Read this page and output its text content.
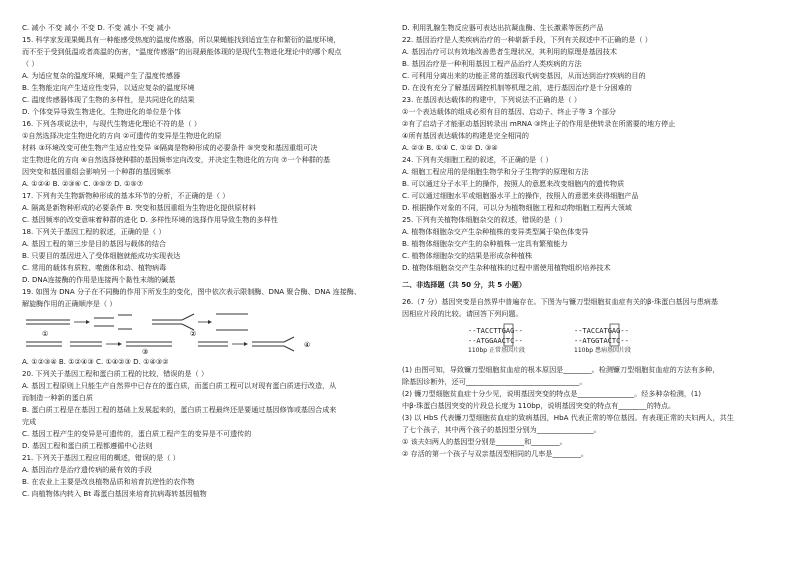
C. 减小 不变 减小 不变 D. 不变 减小 不变 减小
15. 科学家发现果蝇具有一种能感受热度的温度传感器，所以果蝇能找到适宜生存和繁衍的温度环境，
而不至于受到低温或者高温的伤害，“温度传感器”的出现最能体现的是现代生物进化理论中的哪个观点
（ ）
A. 为适应复杂的温度环境，果蝇产生了温度传感器
B. 生物能定向产生适应性变异，以适应复杂的温度环境
C. 温度传感器体现了生物的多样性，是共同进化的结果
D. 个体变异导致生物进化，生物进化的单位是个体
16. 下列各项说法中，与现代生物进化理论不符的是（ ）
①自然选择决定生物进化的方向 ②可遗传的变异是生物进化的原
材料 ③环境改变可使生物产生适应性变异 ④隔离是物种形成的必要条件 ⑤突变和基因重组可决
定生物进化的方向 ⑥自然选择使种群的基因频率定向改变，并决定生物进化的方向 ⑦一个种群的基
因突变和基因重组会影响另一个种群的基因频率
A. ①②④ B. ②③⑥ C. ③⑤⑦ D. ①⑤⑦
17. 下列有关生物新物种形成的基本环节的分析，不正确的是（ ）
A. 隔离是新物种形成的必要条件 B. 突变和基因重组为生物进化提供原材料
C. 基因频率的改变意味着种群的进化 D. 多样性环境的选择作用导致生物的多样性
18. 下列关于基因工程的叙述，正确的是（ ）
A. 基因工程的第三步是目的基因与载体的结合
B. 只要目的基因进入了受体细胞就能成功实现表达
C. 常用的载体有质粒、噬菌体和动、植物病毒
D. DNA连接酶的作用是连接两个黏性末端的碱基
19. 如图为 DNA 分子在不同酶的作用下所发生的变化，图中依次表示限制酶、DNA 聚合酶、DNA 连接酶、
解旋酶作用的正确顺序是（ ）
①	②
③
④
A. ①②③④ B. ①②④③ C. ①④②③ D. ①④③②
20. 下列关于基因工程和蛋白质工程的比较，错误的是（ ）
A. 基因工程原则上只能生产自然界中已存在的蛋白质，而蛋白质工程可以对现有蛋白质进行改造，从
而制造一种新的蛋白质
B. 蛋白质工程是在基因工程的基础上发展起来的，蛋白质工程最终还是要通过基因修饰或基因合成来
完成
C. 基因工程产生的变异是可遗传的，蛋白质工程产生的变异是不可遗传的
D. 基因工程和蛋白质工程都遵循中心法则
21. 下列关于基因工程应用的概述，错误的是（ ）
A. 基因治疗是治疗遗传病的最有效的手段
B. 在农业上主要是改良植物品质和培育抗逆性的农作物
C. 向植物体内转入 Bt 毒蛋白基因来培育抗病毒转基因植物
D. 利用乳腺生物反应器可表达出抗凝血酶、生长激素等医药产品
22. 基因治疗是人类疾病治疗的一种崭新手段，下列有关叙述中不正确的是（ ）
A. 基因治疗可以有效地改善患者生理状况，其利用的原理是基因技术
B. 基因治疗是一种利用基因工程产品治疗人类疾病的方法
C. 可利用分离出来的功能正常的基因取代病变基因，从而达到治疗疾病的目的
D. 在没有充分了解基因调控机制等机理之前，进行基因治疗是十分困难的
23. 在基因表达载体的构建中，下列说法不正确的是（ ）
①一个表达载体的组成必须有目的基因、启动子、终止子等 3 个部分
②有了启动子才能驱动基因转录出 mRNA ③终止子的作用是使转录在所需要的地方停止
④所有基因表达载体的构建是完全相同的
A. ②③ B. ①④ C. ①② D. ③④
24. 下列有关细胞工程的叙述，不正确的是（ ）
A. 细胞工程应用的是细胞生物学和分子生物学的原理和方法
B. 可以通过分子水平上的操作，按照人的意愿来改变细胞内的遗传物质
C. 可以通过细胞水平或细胞器水平上的操作，按照人的意愿来获得细胞产品
D. 根据操作对象的不同，可以分为植物细胞工程和动物细胞工程两大领域
25. 下列有关植物体细胞杂交的叙述，错误的是（ ）
A. 植物体细胞杂交产生杂种植株的变异类型属于染色体变异
B. 植物体细胞杂交产生的杂种植株一定具有繁殖能力
C. 植物体细胞杂交的结果是形成杂种植株
D. 植物体细胞杂交产生杂种植株的过程中需使用植物组织培养技术
二、非选择题（共 50 分，共 5 小题）
26.（7 分）基因突变是自然界中普遍存在。下图为与镰刀型细胞贫血症有关的β-珠蛋白基因与患病基
因相应片段的比较。请回答下列问题。
--TACCTTGAG--
--ATGGAACTC--
110bp 正常基因片段
--TACCATGAG--
--ATGGTACTC--
110bp 患病基因片段
(1) 由图可知，导致镰刀型细胞贫血症的根本原因是________。检测镰刀型细胞贫血症的方法有多种，
除基因诊断外，还可________________________________。
(2) 镰刀型细胞贫血症十分少见，说明基因突变的特点是________________。经多种杂检测，(1)
中β-珠蛋白基因突变的片段总长度为 110bp，说明基因突变的特点有________的特点。
(3) 以 HbS 代表镰刀型细胞贫血症的致病基因，HbA 代表正常的等位基因。有表现正常的夫妇两人，共生
了七个孩子，其中两个孩子的基因型分别为________________。
① 该夫妇两人的基因型分别是________和________。
② 存活的第一个孩子与双亲基因型相同的几率是________。
